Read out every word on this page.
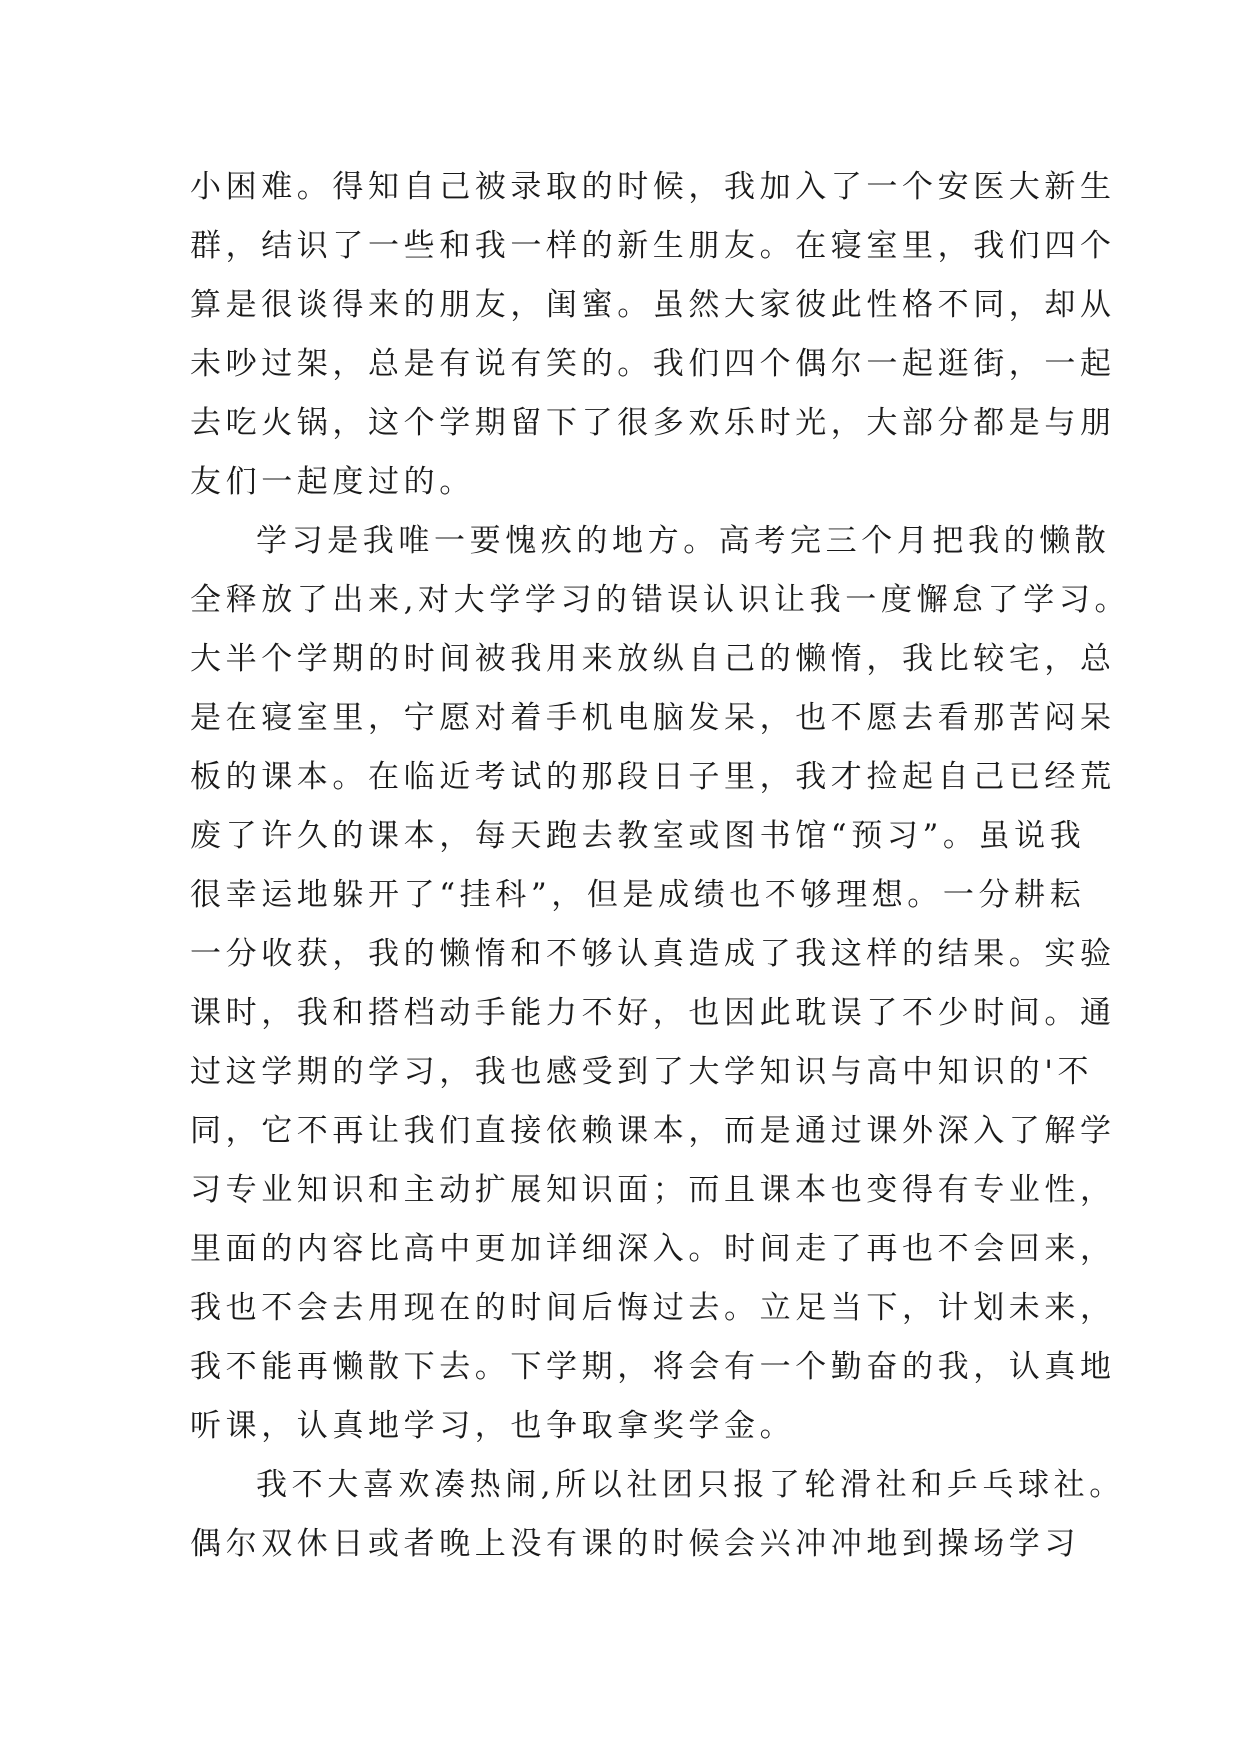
小困难。得知自己被录取的时候，我加入了一个安医大新生
群，结识了一些和我一样的新生朋友。在寝室里，我们四个
算是很谈得来的朋友，闺蜜。虽然大家彼此性格不同，却从
未吵过架，总是有说有笑的。我们四个偶尔一起逛街，一起
去吃火锅，这个学期留下了很多欢乐时光，大部分都是与朋
友们一起度过的。
学习是我唯一要愧疚的地方。高考完三个月把我的懒散
全释放了出来,对大学学习的错误认识让我一度懈怠了学习。
大半个学期的时间被我用来放纵自己的懒惰，我比较宅，总
是在寝室里，宁愿对着手机电脑发呆，也不愿去看那苦闷呆
板的课本。在临近考试的那段日子里，我才捡起自己已经荒
废了许久的课本，每天跑去教室或图书馆“预习”。虽说我
很幸运地躲开了“挂科”，但是成绩也不够理想。一分耕耘
一分收获，我的懒惰和不够认真造成了我这样的结果。实验
课时，我和搭档动手能力不好，也因此耽误了不少时间。通
过这学期的学习，我也感受到了大学知识与高中知识的'不
同，它不再让我们直接依赖课本，而是通过课外深入了解学
习专业知识和主动扩展知识面；而且课本也变得有专业性，
里面的内容比高中更加详细深入。时间走了再也不会回来，
我也不会去用现在的时间后悔过去。立足当下，计划未来，
我不能再懒散下去。下学期，将会有一个勤奋的我，认真地
听课，认真地学习，也争取拿奖学金。
我不大喜欢凑热闹,所以社团只报了轮滑社和乒乓球社。
偶尔双休日或者晚上没有课的时候会兴冲冲地到操场学习
